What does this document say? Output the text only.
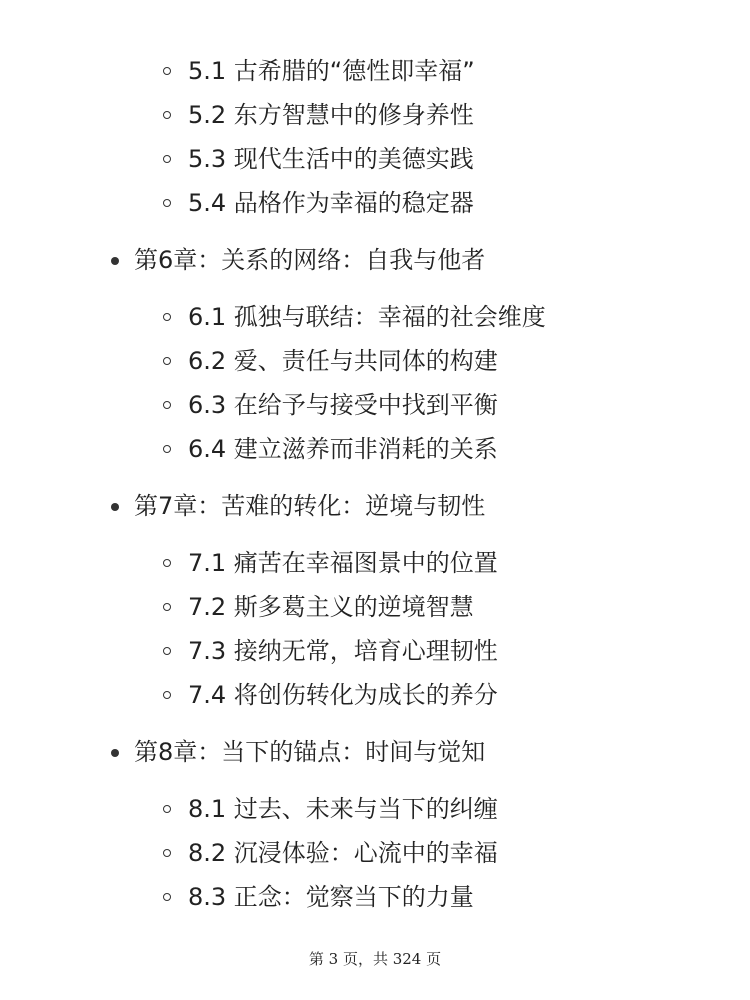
5.1 古希腊的“德性即幸福”
5.2 东方智慧中的修身养性
5.3 现代生活中的美德实践
5.4 品格作为幸福的稳定器
第6章：关系的网络：自我与他者
6.1 孤独与联结：幸福的社会维度
6.2 爱、责任与共同体的构建
6.3 在给予与接受中找到平衡
6.4 建立滋养而非消耗的关系
第7章：苦难的转化：逆境与韧性
7.1 痛苦在幸福图景中的位置
7.2 斯多葛主义的逆境智慧
7.3 接纳无常，培育心理韧性
7.4 将创伤转化为成长的养分
第8章：当下的锚点：时间与觉知
8.1 过去、未来与当下的纠缠
8.2 沉浸体验：心流中的幸福
8.3 正念：觉察当下的力量
第 3 页，共 324 页
